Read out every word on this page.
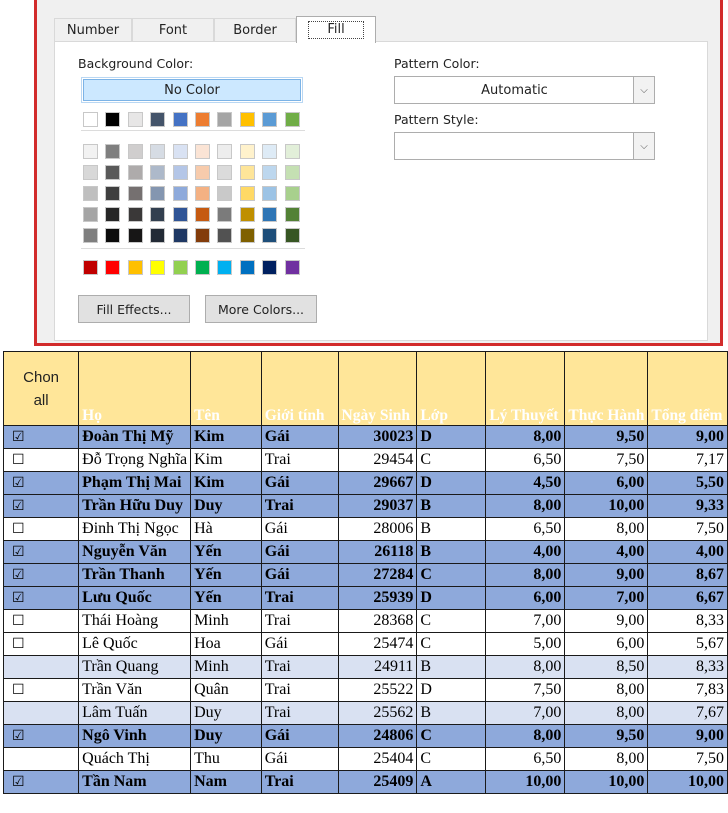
Number	Font	Border	Fill
Background Color:
No Color
Pattern Color:
Automatic	⌵
Pattern Style:
⌵
Fill Effects...	More Colors...
Chon all	Họ	Tên	Giới tính	Ngày Sinh	Lớp	Lý Thuyết	Thực Hành	Tổng điểm
☑	Đoàn Thị Mỹ	Kim	Gái	30023	D	8,00	9,50	9,00
☐	Đỗ Trọng Nghĩa	Kim	Trai	29454	C	6,50	7,50	7,17
☑	Phạm Thị Mai	Kim	Gái	29667	D	4,50	6,00	5,50
☑	Trần Hữu Duy	Duy	Trai	29037	B	8,00	10,00	9,33
☐	Đinh Thị Ngọc	Hà	Gái	28006	B	6,50	8,00	7,50
☑	Nguyễn Văn	Yến	Gái	26118	B	4,00	4,00	4,00
☑	Trần Thanh	Yến	Gái	27284	C	8,00	9,00	8,67
☑	Lưu Quốc	Yến	Trai	25939	D	6,00	7,00	6,67
☐	Thái Hoàng	Minh	Trai	28368	C	7,00	9,00	8,33
☐	Lê Quốc	Hoa	Gái	25474	C	5,00	6,00	5,67
	Trần Quang	Minh	Trai	24911	B	8,00	8,50	8,33
☐	Trần Văn	Quân	Trai	25522	D	7,50	8,00	7,83
	Lâm Tuấn	Duy	Trai	25562	B	7,00	8,00	7,67
☑	Ngô Vinh	Duy	Gái	24806	C	8,00	9,50	9,00
	Quách Thị	Thu	Gái	25404	C	6,50	8,00	7,50
☑	Tần Nam	Nam	Trai	25409	A	10,00	10,00	10,00
